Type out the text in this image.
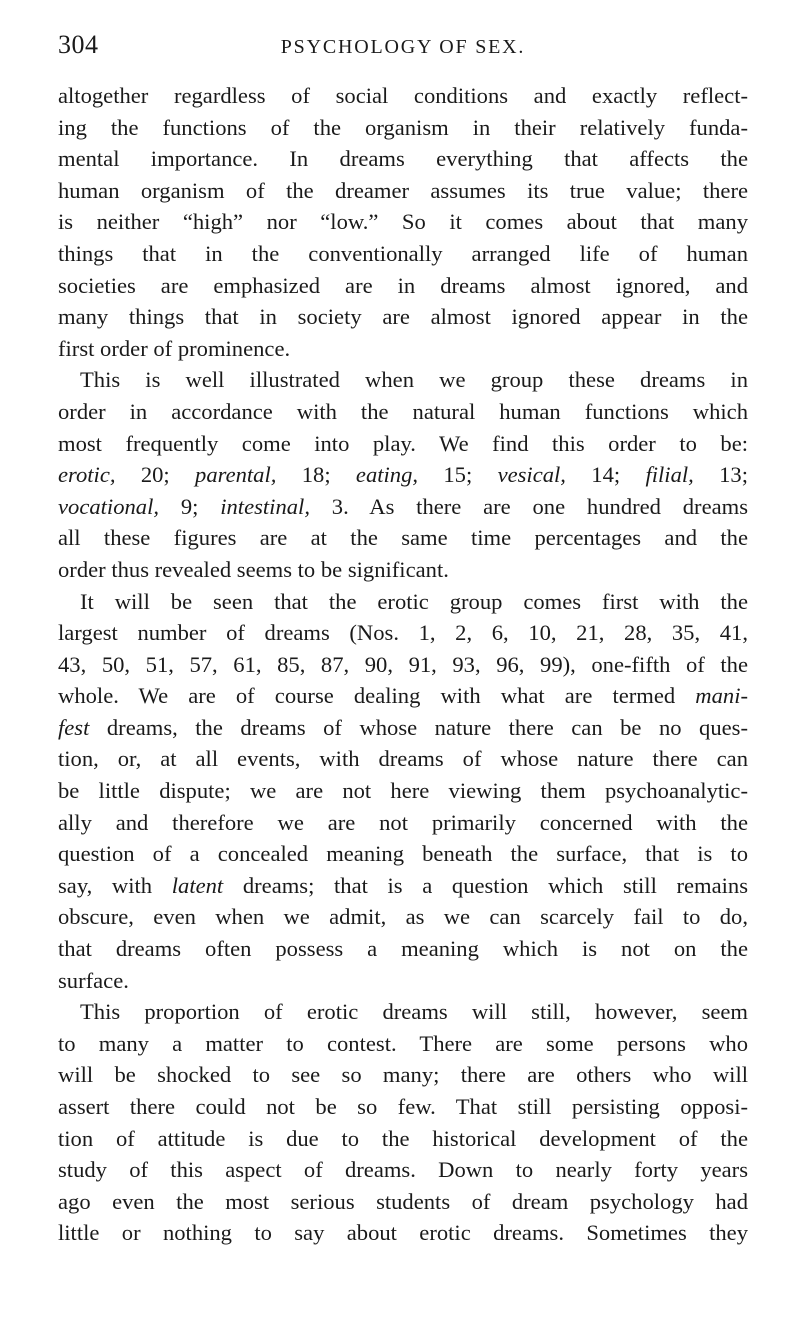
304	PSYCHOLOGY OF SEX.
altogether regardless of social conditions and exactly reflect-
ing the functions of the organism in their relatively funda-
mental importance. In dreams everything that affects the
human organism of the dreamer assumes its true value; there
is neither “high” nor “low.” So it comes about that many
things that in the conventionally arranged life of human
societies are emphasized are in dreams almost ignored, and
many things that in society are almost ignored appear in the
first order of prominence.
This is well illustrated when we group these dreams in
order in accordance with the natural human functions which
most frequently come into play. We find this order to be:
erotic, 20; parental, 18; eating, 15; vesical, 14; filial, 13;
vocational, 9; intestinal, 3. As there are one hundred dreams
all these figures are at the same time percentages and the
order thus revealed seems to be significant.
It will be seen that the erotic group comes first with the
largest number of dreams (Nos. 1, 2, 6, 10, 21, 28, 35, 41,
43, 50, 51, 57, 61, 85, 87, 90, 91, 93, 96, 99), one-fifth of the
whole. We are of course dealing with what are termed mani-
fest dreams, the dreams of whose nature there can be no ques-
tion, or, at all events, with dreams of whose nature there can
be little dispute; we are not here viewing them psychoanalytic-
ally and therefore we are not primarily concerned with the
question of a concealed meaning beneath the surface, that is to
say, with latent dreams; that is a question which still remains
obscure, even when we admit, as we can scarcely fail to do,
that dreams often possess a meaning which is not on the
surface.
This proportion of erotic dreams will still, however, seem
to many a matter to contest. There are some persons who
will be shocked to see so many; there are others who will
assert there could not be so few. That still persisting opposi-
tion of attitude is due to the historical development of the
study of this aspect of dreams. Down to nearly forty years
ago even the most serious students of dream psychology had
little or nothing to say about erotic dreams. Sometimes they
